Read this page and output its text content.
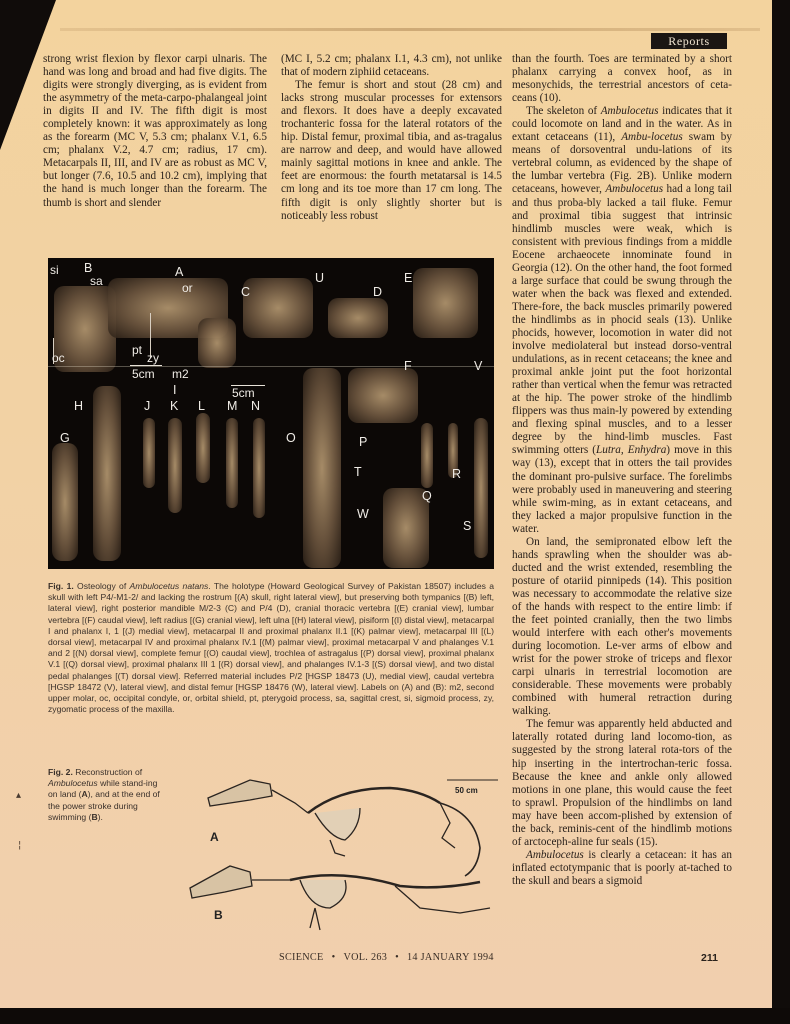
Reports

strong wrist flexion by flexor carpi ulnaris. The hand was long and broad and had five digits. The digits were strongly diverging, as is evident from the asymmetry of the meta-carpo-phalangeal joint in digits II and IV. The fifth digit is most completely known: it was approximately as long as the forearm (MC V, 5.3 cm; phalanx V.1, 6.5 cm; phalanx V.2, 4.7 cm; radius, 17 cm). Metacarpals II, III, and IV are as robust as MC V, but longer (7.6, 10.5 and 10.2 cm), implying that the hand is much longer than the forearm. The thumb is short and slender

(MC I, 5.2 cm; phalanx I.1, 4.3 cm), not unlike that of modern ziphiid cetaceans.

The femur is short and stout (28 cm) and lacks strong muscular processes for extensors and flexors. It does have a deeply excavated trochanteric fossa for the lateral rotators of the hip. Distal femur, proximal tibia, and as-tragalus are narrow and deep, and would have allowed mainly sagittal motions in knee and ankle. The feet are enormous: the fourth metatarsal is 14.5 cm long and its toe more than 17 cm long. The fifth digit is only slightly shorter but is noticeably less robust

than the fourth. Toes are terminated by a short phalanx carrying a convex hoof, as in mesonychids, the terrestrial ancestors of ceta-ceans (10).

The skeleton of Ambulocetus indicates that it could locomote on land and in the water. As in extant cetaceans (11), Ambu-locetus swam by means of dorsoventral undu-lations of its vertebral column, as evidenced by the shape of the lumbar vertebra (Fig. 2B). Unlike modern cetaceans, however, Ambulocetus had a long tail and thus proba-bly lacked a tail fluke. Femur and proximal tibia suggest that intrinsic hindlimb muscles were weak, which is consistent with previous findings from a middle Eocene archaeocete innominate found in Georgia (12). On the other hand, the foot formed a large surface that could be swung through the water when the back was flexed and extended. There-fore, the back muscles primarily powered the hindlimbs as in phocid seals (13). Unlike phocids, however, locomotion in water did not involve mediolateral but instead dorso-ventral undulations, as in recent cetaceans; the knee and proximal ankle joint put the foot horizontal rather than vertical when the femur was retracted at the hip. The power stroke of the hindlimb flippers was thus main-ly powered by extending and flexing spinal muscles, and to a lesser degree by the hind-limb muscles. Fast swimming otters (Lutra, Enhydra) move in this way (13), except that in otters the tail provides the dominant pro-pulsive surface. The forelimbs were probably used in maneuvering and steering while swim-ming, as in extant cetaceans, and they lacked a major propulsive function in the water.

On land, the semipronated elbow left the hands sprawling when the shoulder was ab-ducted and the wrist extended, resembling the posture of otariid pinnipeds (14). This position was necessary to accommodate the relative size of the hands with respect to the entire limb: if the feet pointed cranially, then the two limbs would interfere with each other's movements during locomotion. Le-ver arms of elbow and wrist for the power stroke of triceps and flexor carpi ulnaris in terrestrial locomotion are considerable. These movements were probably combined with humeral retraction during walking.

The femur was apparently held abducted and laterally rotated during land locomo-tion, as suggested by the strong lateral rota-tors of the hip inserting in the intertrochan-teric fossa. Because the knee and ankle only allowed motions in one plane, this would cause the feet to sprawl. Propulsion of the hindlimbs on land may have been accom-plished by extension of the back, reminis-cent of the hindlimb motions of arctoceph-aline fur seals (15).

Ambulocetus is clearly a cetacean: it has an inflated ectotympanic that is poorly at-tached to the skull and bears a sigmoid

si B
sa
A
or	C
U
D
E
oc
pt
zy
5cm m2
F	V
I	5cm
H	J K L M N
G	O	P
T	R
Q
W
S
Fig. 1. Osteology of Ambulocetus natans. The holotype (Howard Geological Survey of Pakistan 18507) includes a skull with left P4/-M1-2/ and lacking the rostrum [(A) skull, right lateral view], but preserving both tympanics [(B) left, lateral view], right posterior mandible M/2-3 (C) and P/4 (D), cranial thoracic vertebra [(E) cranial view], lumbar vertebra [(F) caudal view], left radius [(G) cranial view], left ulna [(H) lateral view], pisiform [(I) distal view], metacarpal I and phalanx I, 1 [(J) medial view], metacarpal II and proximal phalanx II.1 [(K) palmar view], metacarpal III [(L) dorsal view], metacarpal IV and proximal phalanx IV.1 [(M) palmar view], proximal metacarpal V and phalanges V.1 and 2 [(N) dorsal view], complete femur [(O) caudal view], trochlea of astragalus [(P) dorsal view], proximal phalanx V.1 [(Q) dorsal view], proximal phalanx III 1 [(R) dorsal view], and phalanges IV.1-3 [(S) dorsal view], and two distal pedal phalanges [(T) dorsal view]. Referred material includes P/2 [HGSP 18473 (U), medial view], caudal vertebra [HGSP 18472 (V), lateral view], and distal femur [HGSP 18476 (W), lateral view]. Labels on (A) and (B): m2, second upper molar, oc, occipital condyle, or, orbital shield, pt, pterygoid process, sa, sagittal crest, si, sigmoid process, zy, zygomatic process of the maxilla.
Fig. 2. Reconstruction of Ambulocetus while stand-ing on land (A), and at the end of the power stroke during swimming (B).
▴
¦
A
B
50 cm
SCIENCE • VOL. 263 • 14 JANUARY 1994	211
